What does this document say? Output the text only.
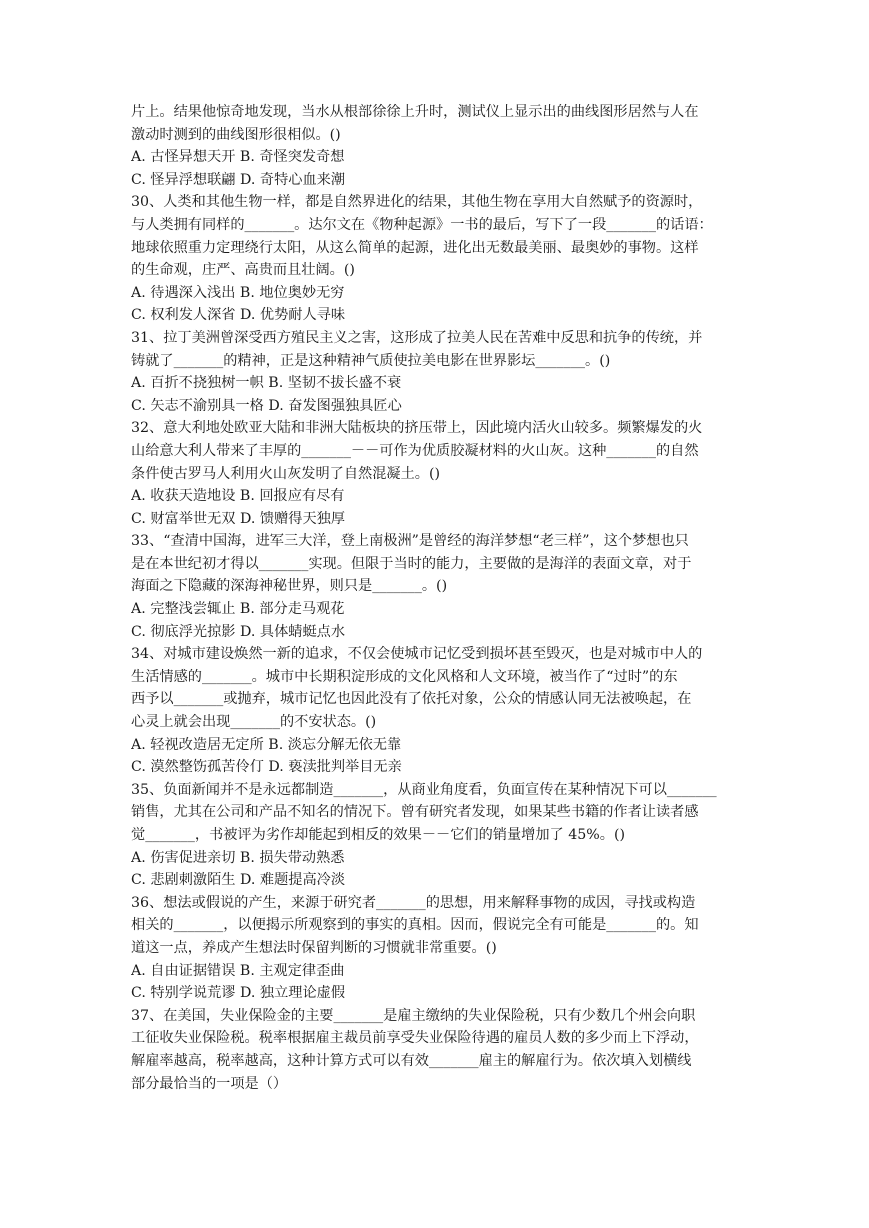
片上。结果他惊奇地发现，当水从根部徐徐上升时，测试仪上显示出的曲线图形居然与人在
激动时测到的曲线图形很相似。()
A. 古怪异想天开 B. 奇怪突发奇想
C. 怪异浮想联翩 D. 奇特心血来潮
30、人类和其他生物一样，都是自然界进化的结果，其他生物在享用大自然赋予的资源时，
与人类拥有同样的_______。达尔文在《物种起源》一书的最后，写下了一段_______的话语：
地球依照重力定理绕行太阳，从这么简单的起源，进化出无数最美丽、最奥妙的事物。这样
的生命观，庄严、高贵而且壮阔。()
A. 待遇深入浅出 B. 地位奥妙无穷
C. 权利发人深省 D. 优势耐人寻味
31、拉丁美洲曾深受西方殖民主义之害，这形成了拉美人民在苦难中反思和抗争的传统，并
铸就了_______的精神，正是这种精神气质使拉美电影在世界影坛_______。()
A. 百折不挠独树一帜 B. 坚韧不拔长盛不衰
C. 矢志不渝别具一格 D. 奋发图强独具匠心
32、意大利地处欧亚大陆和非洲大陆板块的挤压带上，因此境内活火山较多。频繁爆发的火
山给意大利人带来了丰厚的_______－－可作为优质胶凝材料的火山灰。这种_______的自然
条件使古罗马人利用火山灰发明了自然混凝土。()
A. 收获天造地设 B. 回报应有尽有
C. 财富举世无双 D. 馈赠得天独厚
33、“查清中国海，进军三大洋，登上南极洲”是曾经的海洋梦想“老三样”，这个梦想也只
是在本世纪初才得以_______实现。但限于当时的能力，主要做的是海洋的表面文章，对于
海面之下隐藏的深海神秘世界，则只是_______。()
A. 完整浅尝辄止 B. 部分走马观花
C. 彻底浮光掠影 D. 具体蜻蜓点水
34、对城市建设焕然一新的追求，不仅会使城市记忆受到损坏甚至毁灭，也是对城市中人的
生活情感的_______。城市中长期积淀形成的文化风格和人文环境，被当作了“过时”的东
西予以_______或抛弃，城市记忆也因此没有了依托对象，公众的情感认同无法被唤起，在
心灵上就会出现_______的不安状态。()
A. 轻视改造居无定所 B. 淡忘分解无依无靠
C. 漠然整饬孤苦伶仃 D. 亵渎批判举目无亲
35、负面新闻并不是永远都制造_______，从商业角度看，负面宣传在某种情况下可以_______
销售，尤其在公司和产品不知名的情况下。曾有研究者发现，如果某些书籍的作者让读者感
觉_______，书被评为劣作却能起到相反的效果－－它们的销量增加了 45%。()
A. 伤害促进亲切 B. 损失带动熟悉
C. 悲剧刺激陌生 D. 难题提高冷淡
36、想法或假说的产生，来源于研究者_______的思想，用来解释事物的成因，寻找或构造
相关的_______，以便揭示所观察到的事实的真相。因而，假说完全有可能是_______的。知
道这一点，养成产生想法时保留判断的习惯就非常重要。()
A. 自由证据错误 B. 主观定律歪曲
C. 特别学说荒谬 D. 独立理论虚假
37、在美国，失业保险金的主要_______是雇主缴纳的失业保险税，只有少数几个州会向职
工征收失业保险税。税率根据雇主裁员前享受失业保险待遇的雇员人数的多少而上下浮动，
解雇率越高，税率越高，这种计算方式可以有效_______雇主的解雇行为。依次填入划横线
部分最恰当的一项是（）
